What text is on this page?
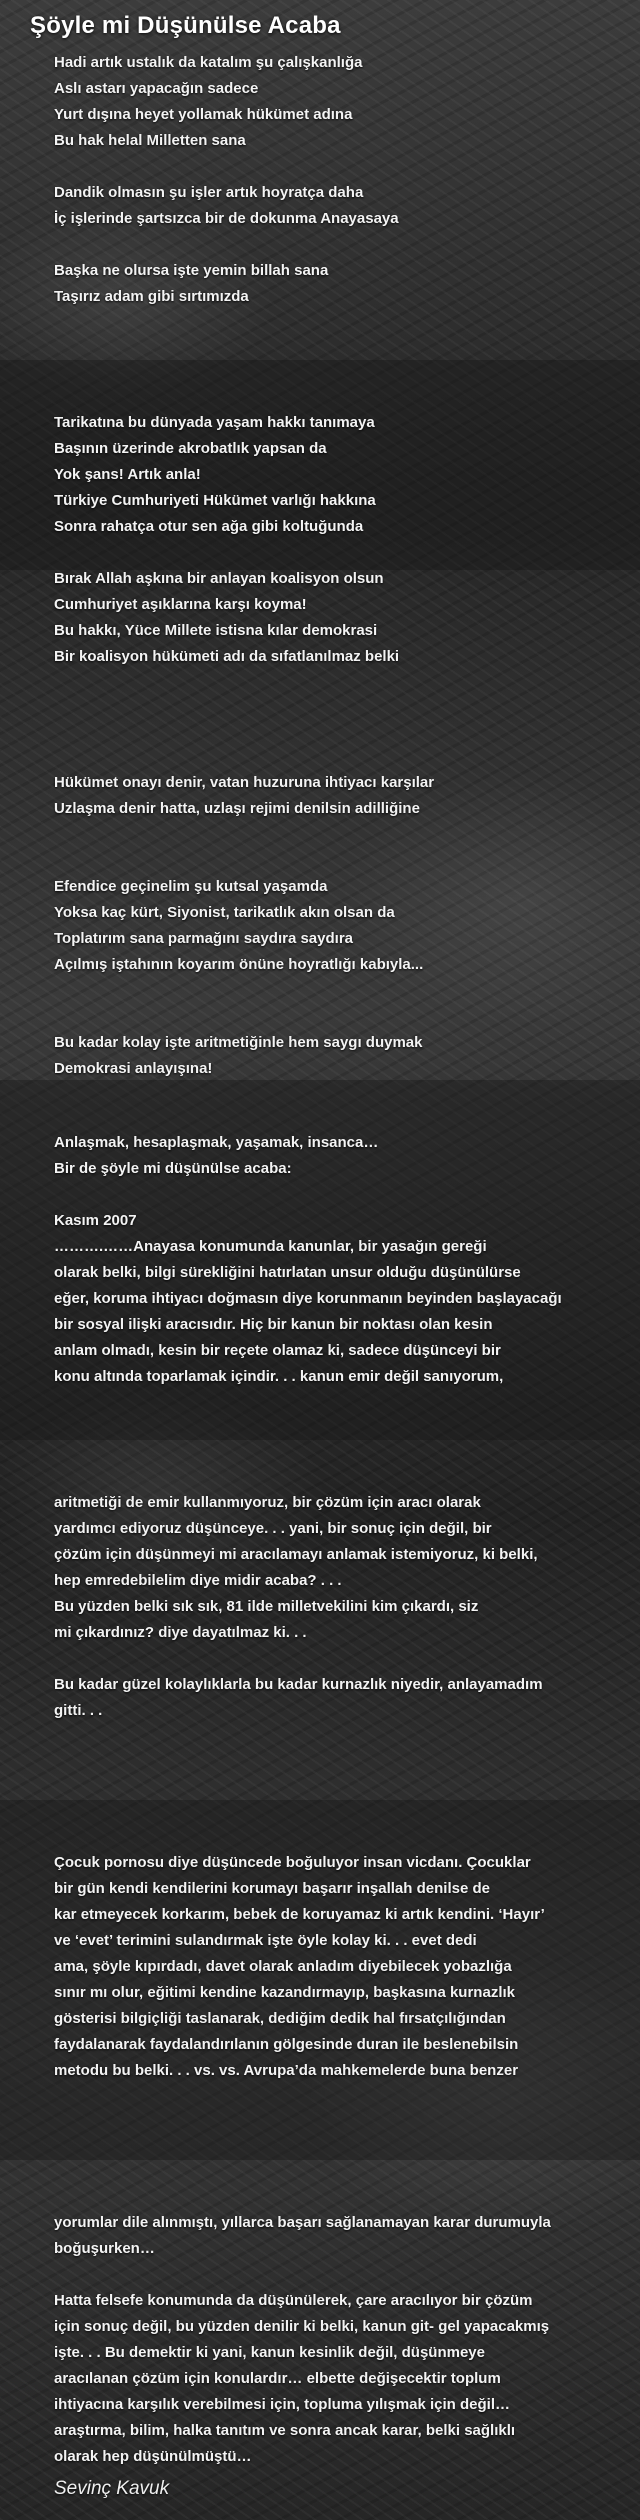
Şöyle mi Düşünülse Acaba
Hadi artık ustalık da katalım şu çalışkanlığa
Aslı astarı yapacağın sadece
Yurt dışına heyet yollamak hükümet adına
Bu hak helal Milletten sana
Dandik olmasın şu işler artık hoyratça daha
İç işlerinde şartsızca bir de dokunma Anayasaya
Başka ne olursa işte yemin billah sana
Taşırız adam gibi sırtımızda
Tarikatına bu dünyada yaşam hakkı tanımaya
Başının üzerinde akrobatlık yapsan da
Yok şans! Artık anla!
Türkiye Cumhuriyeti Hükümet varlığı hakkına
Sonra rahatça otur sen ağa gibi koltuğunda
Bırak Allah aşkına bir anlayan koalisyon olsun
Cumhuriyet aşıklarına karşı koyma!
Bu hakkı, Yüce Millete istisna kılar demokrasi
Bir koalisyon hükümeti adı da sıfatlanılmaz belki
Hükümet onayı denir, vatan huzuruna ihtiyacı karşılar
Uzlaşma denir hatta, uzlaşı rejimi denilsin adilliğine
Efendice geçinelim şu kutsal yaşamda
Yoksa kaç kürt, Siyonist, tarikatlık akın olsan da
Toplatırım sana parmağını saydıra saydıra
Açılmış iştahının koyarım önüne hoyratlığı kabıyla...
Bu kadar kolay işte aritmetiğinle hem saygı duymak
Demokrasi anlayışına!
Anlaşmak, hesaplaşmak, yaşamak, insanca…
Bir de şöyle mi düşünülse acaba:
Kasım 2007
……….……Anayasa konumunda kanunlar, bir yasağın gereği
olarak belki, bilgi sürekliğini hatırlatan unsur olduğu düşünülürse
eğer, koruma ihtiyacı doğmasın diye korunmanın beyinden başlayacağı
bir sosyal ilişki aracısıdır. Hiç bir kanun bir noktası olan kesin
anlam olmadı, kesin bir reçete olamaz ki, sadece düşünceyi bir
konu altında toparlamak içindir. . . kanun emir değil sanıyorum,
aritmetiği de emir kullanmıyoruz, bir çözüm için aracı olarak
yardımcı ediyoruz düşünceye. . . yani, bir sonuç için değil, bir
çözüm için düşünmeyi mi aracılamayı anlamak istemiyoruz, ki belki,
hep emredebilelim diye midir acaba? . . .
Bu yüzden belki sık sık, 81 ilde milletvekilini kim çıkardı, siz
mi çıkardınız? diye dayatılmaz ki. . .
Bu kadar güzel kolaylıklarla bu kadar kurnazlık niyedir, anlayamadım
gitti. . .
Çocuk pornosu diye düşüncede boğuluyor insan vicdanı. Çocuklar
bir gün kendi kendilerini korumayı başarır inşallah denilse de
kar etmeyecek korkarım, bebek de koruyamaz ki artık kendini. ‘Hayır’
ve ‘evet’ terimini sulandırmak işte öyle kolay ki. . . evet dedi
ama, şöyle kıpırdadı, davet olarak anladım diyebilecek yobazlığa
sınır mı olur, eğitimi kendine kazandırmayıp, başkasına kurnazlık
gösterisi bilgiçliği taslanarak, dediğim dedik hal fırsatçılığından
faydalanarak faydalandırılanın gölgesinde duran ile beslenebilsin
metodu bu belki. . . vs. vs. Avrupa’da mahkemelerde buna benzer
yorumlar dile alınmıştı, yıllarca başarı sağlanamayan karar durumuyla
boğuşurken…
Hatta felsefe konumunda da düşünülerek, çare aracılıyor bir çözüm
için sonuç değil, bu yüzden denilir ki belki, kanun git- gel yapacakmış
işte. . . Bu demektir ki yani, kanun kesinlik değil, düşünmeye
aracılanan çözüm için konulardır… elbette değişecektir toplum
ihtiyacına karşılık verebilmesi için, topluma yılışmak için değil…
araştırma, bilim, halka tanıtım ve sonra ancak karar, belki sağlıklı
olarak hep düşünülmüştü…
Sevinç Kavuk
